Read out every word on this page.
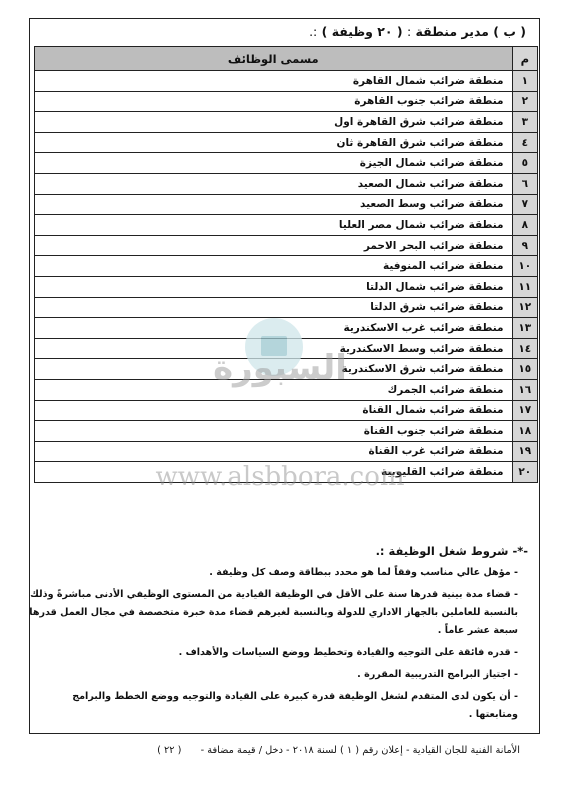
( ب ) مدير منطقة : ( ٢٠ وظيفة ) :.
م	مسمى الوظائف
١	منطقة ضرائب شمال القاهرة
٢	منطقة ضرائب جنوب القاهرة
٣	منطقة ضرائب شرق القاهرة اول
٤	منطقة ضرائب شرق القاهرة ثان
٥	منطقة ضرائب شمال الجيزة
٦	منطقة ضرائب شمال الصعيد
٧	منطقة ضرائب وسط الصعيد
٨	منطقة ضرائب شمال مصر العليا
٩	منطقة ضرائب البحر الاحمر
١٠	منطقة ضرائب المنوفية
١١	منطقة ضرائب شمال الدلتا
١٢	منطقة ضرائب شرق الدلتا
١٣	منطقة ضرائب غرب الاسكندرية
١٤	منطقة ضرائب وسط الاسكندرية
١٥	منطقة ضرائب شرق الاسكندرية
١٦	منطقة ضرائب الجمرك
١٧	منطقة ضرائب شمال القناة
١٨	منطقة ضرائب جنوب القناة
١٩	منطقة ضرائب غرب القناة
٢٠	منطقة ضرائب القليوبية
السبورة
www.alsbbora.com
-*- شروط شغل الوظيفة :.
- مؤهل عالي مناسب وفقاً لما هو محدد ببطاقة وصف كل وظيفة .
- قضاء مدة بينية قدرها سنة على الأقل في الوظيفة القيادية من المستوى الوظيفي الأدنى مباشرةً وذلك بالنسبة للعاملين بالجهاز الاداري للدولة وبالنسبة لغيرهم قضاء مدة خبرة متخصصة في مجال العمل قدرها سبعة عشر عاماً .
- قدره فائقة على التوجيه والقيادة وتخطيط ووضع السياسات والأهداف .
- اجتياز البرامج التدريبية المقررة .
- أن يكون لدى المتقدم لشغل الوظيفة قدرة كبيرة على القيادة والتوجيه ووضع الخطط والبرامج ومتابعتها .
الأمانة الفنية للجان القيادية - إعلان رقم ( ١ ) لسنة ٢٠١٨ - دخل / قيمة مضافة - ( ٢٢ )
